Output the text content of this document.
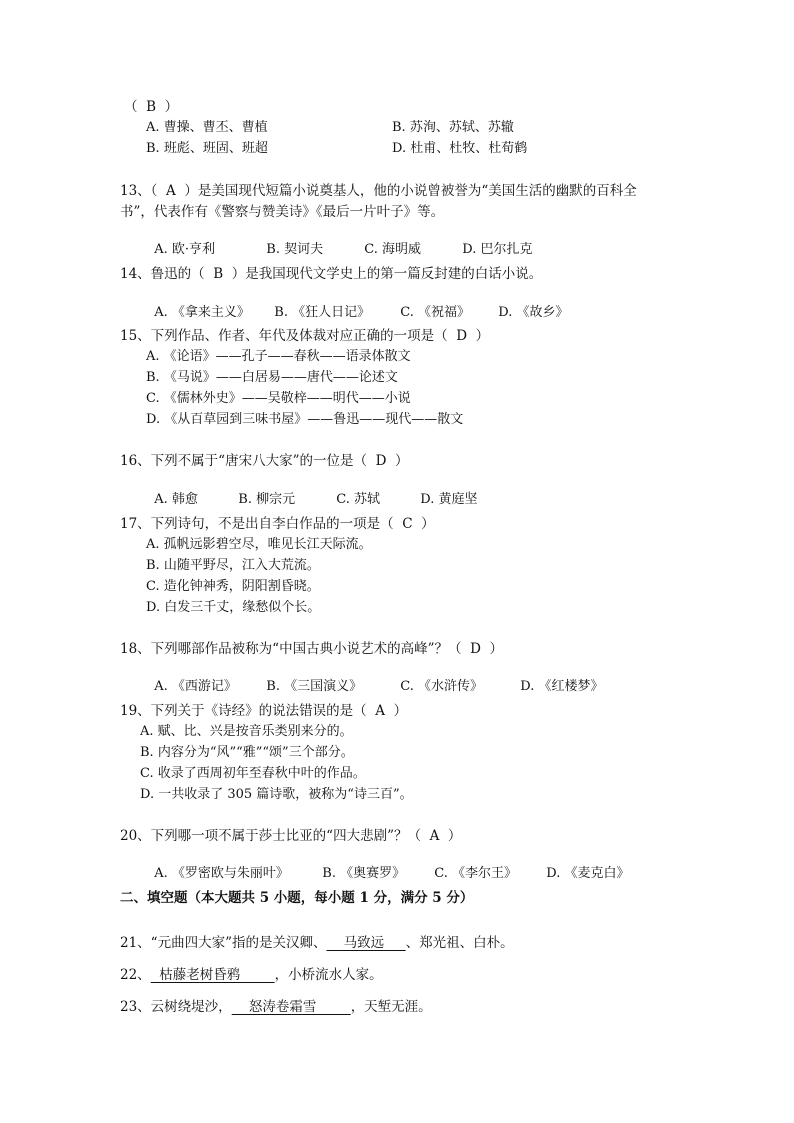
（  B  ）
A. 曹操、曹丕、曹植	B. 苏洵、苏轼、苏辙
B. 班彪、班固、班超	D. 杜甫、杜牧、杜荀鹤
13、（  A  ）是美国现代短篇小说奠基人，他的小说曾被誉为“美国生活的幽默的百科全
书”，代表作有《警察与赞美诗》《最后一片叶子》等。

A. 欧·亨利	B. 契诃夫	C. 海明威	D. 巴尔扎克

14、鲁迅的（  B  ）是我国现代文学史上的第一篇反封建的白话小说。

A. 《拿来主义》 B. 《狂人日记》 C. 《祝福》 D. 《故乡》

15、下列作品、作者、年代及体裁对应正确的一项是（  D  ）
A. 《论语》——孔子——春秋——语录体散文
B. 《马说》——白居易——唐代——论述文
C. 《儒林外史》——吴敬梓——明代——小说
D. 《从百草园到三味书屋》——鲁迅——现代——散文
16、下列不属于“唐宋八大家”的一位是（  D  ）

A. 韩愈	B. 柳宗元	C. 苏轼	D. 黄庭坚

17、下列诗句，不是出自李白作品的一项是（  C  ）
A. 孤帆远影碧空尽，唯见长江天际流。
B. 山随平野尽，江入大荒流。
C. 造化钟神秀，阴阳割昏晓。
D. 白发三千丈，缘愁似个长。
18、下列哪部作品被称为“中国古典小说艺术的高峰”？（  D  ）

A. 《西游记》 B. 《三国演义》	C. 《水浒传》	D. 《红楼梦》

19、下列关于《诗经》的说法错误的是（  A  ）
A. 赋、比、兴是按音乐类别来分的。
B. 内容分为“风”“雅”“颂”三个部分。
C. 收录了西周初年至春秋中叶的作品。
D. 一共收录了 305 篇诗歌，被称为“诗三百”。
20、下列哪一项不属于莎士比亚的“四大悲剧”？（  A  ）

A. 《罗密欧与朱丽叶》	B. 《奥赛罗》 C. 《李尔王》 D. 《麦克白》

二、填空题（本大题共 5 小题，每小题 1 分，满分 5 分）
21、“元曲四大家”指的是关汉卿、    马致远     、郑光祖、白朴。
22、  枯藤老树昏鸦        ，小桥流水人家。
23、云树绕堤沙，    怒涛卷霜雪        ，天堑无涯。
